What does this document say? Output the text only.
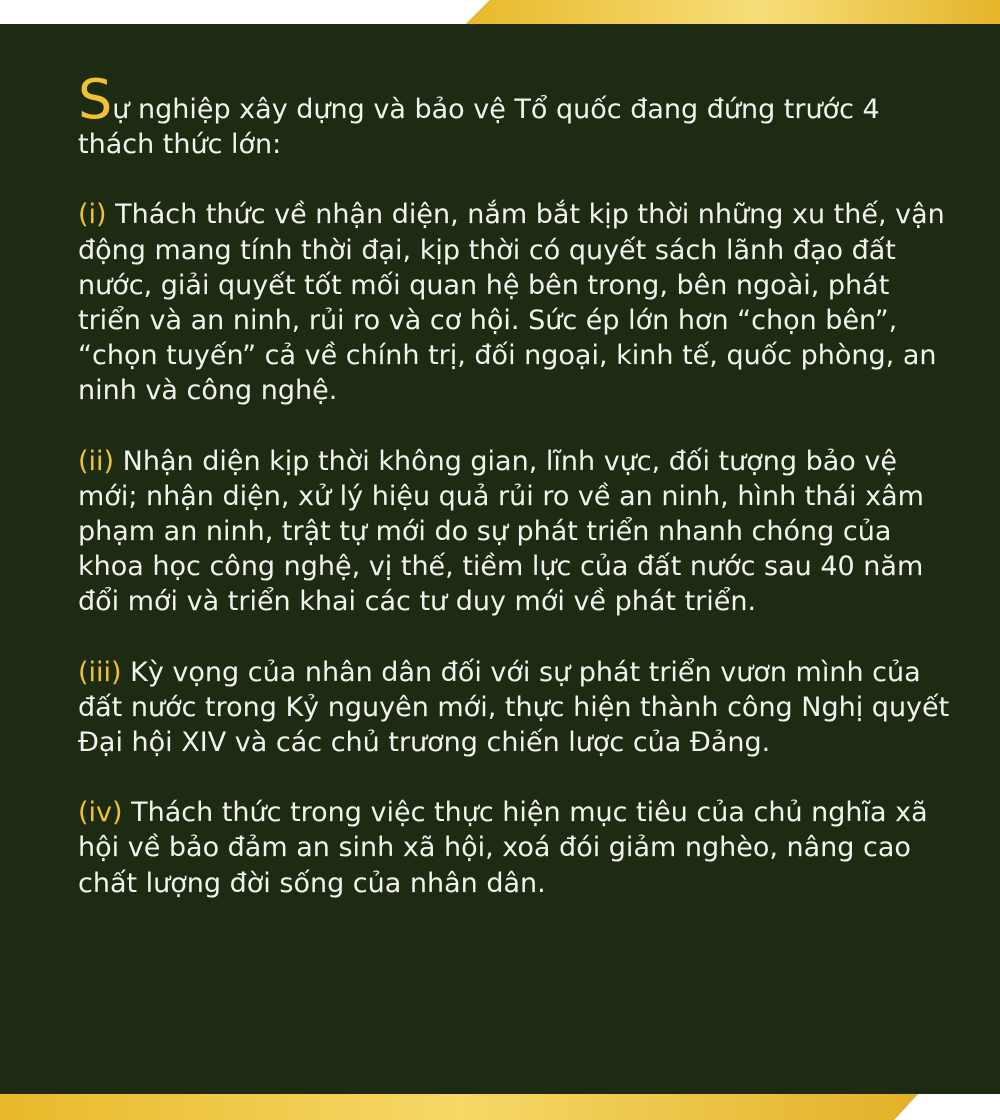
Sự nghiệp xây dựng và bảo vệ Tổ quốc đang đứng trước 4 thách thức lớn:

(i) Thách thức về nhận diện, nắm bắt kịp thời những xu thế, vận động mang tính thời đại, kịp thời có quyết sách lãnh đạo đất nước, giải quyết tốt mối quan hệ bên trong, bên ngoài, phát triển và an ninh, rủi ro và cơ hội. Sức ép lớn hơn “chọn bên”, “chọn tuyến” cả về chính trị, đối ngoại, kinh tế, quốc phòng, an ninh và công nghệ.

(ii) Nhận diện kịp thời không gian, lĩnh vực, đối tượng bảo vệ mới; nhận diện, xử lý hiệu quả rủi ro về an ninh, hình thái xâm phạm an ninh, trật tự mới do sự phát triển nhanh chóng của khoa học công nghệ, vị thế, tiềm lực của đất nước sau 40 năm đổi mới và triển khai các tư duy mới về phát triển.

(iii) Kỳ vọng của nhân dân đối với sự phát triển vươn mình của đất nước trong Kỷ nguyên mới, thực hiện thành công Nghị quyết Đại hội XIV và các chủ trương chiến lược của Đảng.

(iv) Thách thức trong việc thực hiện mục tiêu của chủ nghĩa xã hội về bảo đảm an sinh xã hội, xoá đói giảm nghèo, nâng cao chất lượng đời sống của nhân dân.
